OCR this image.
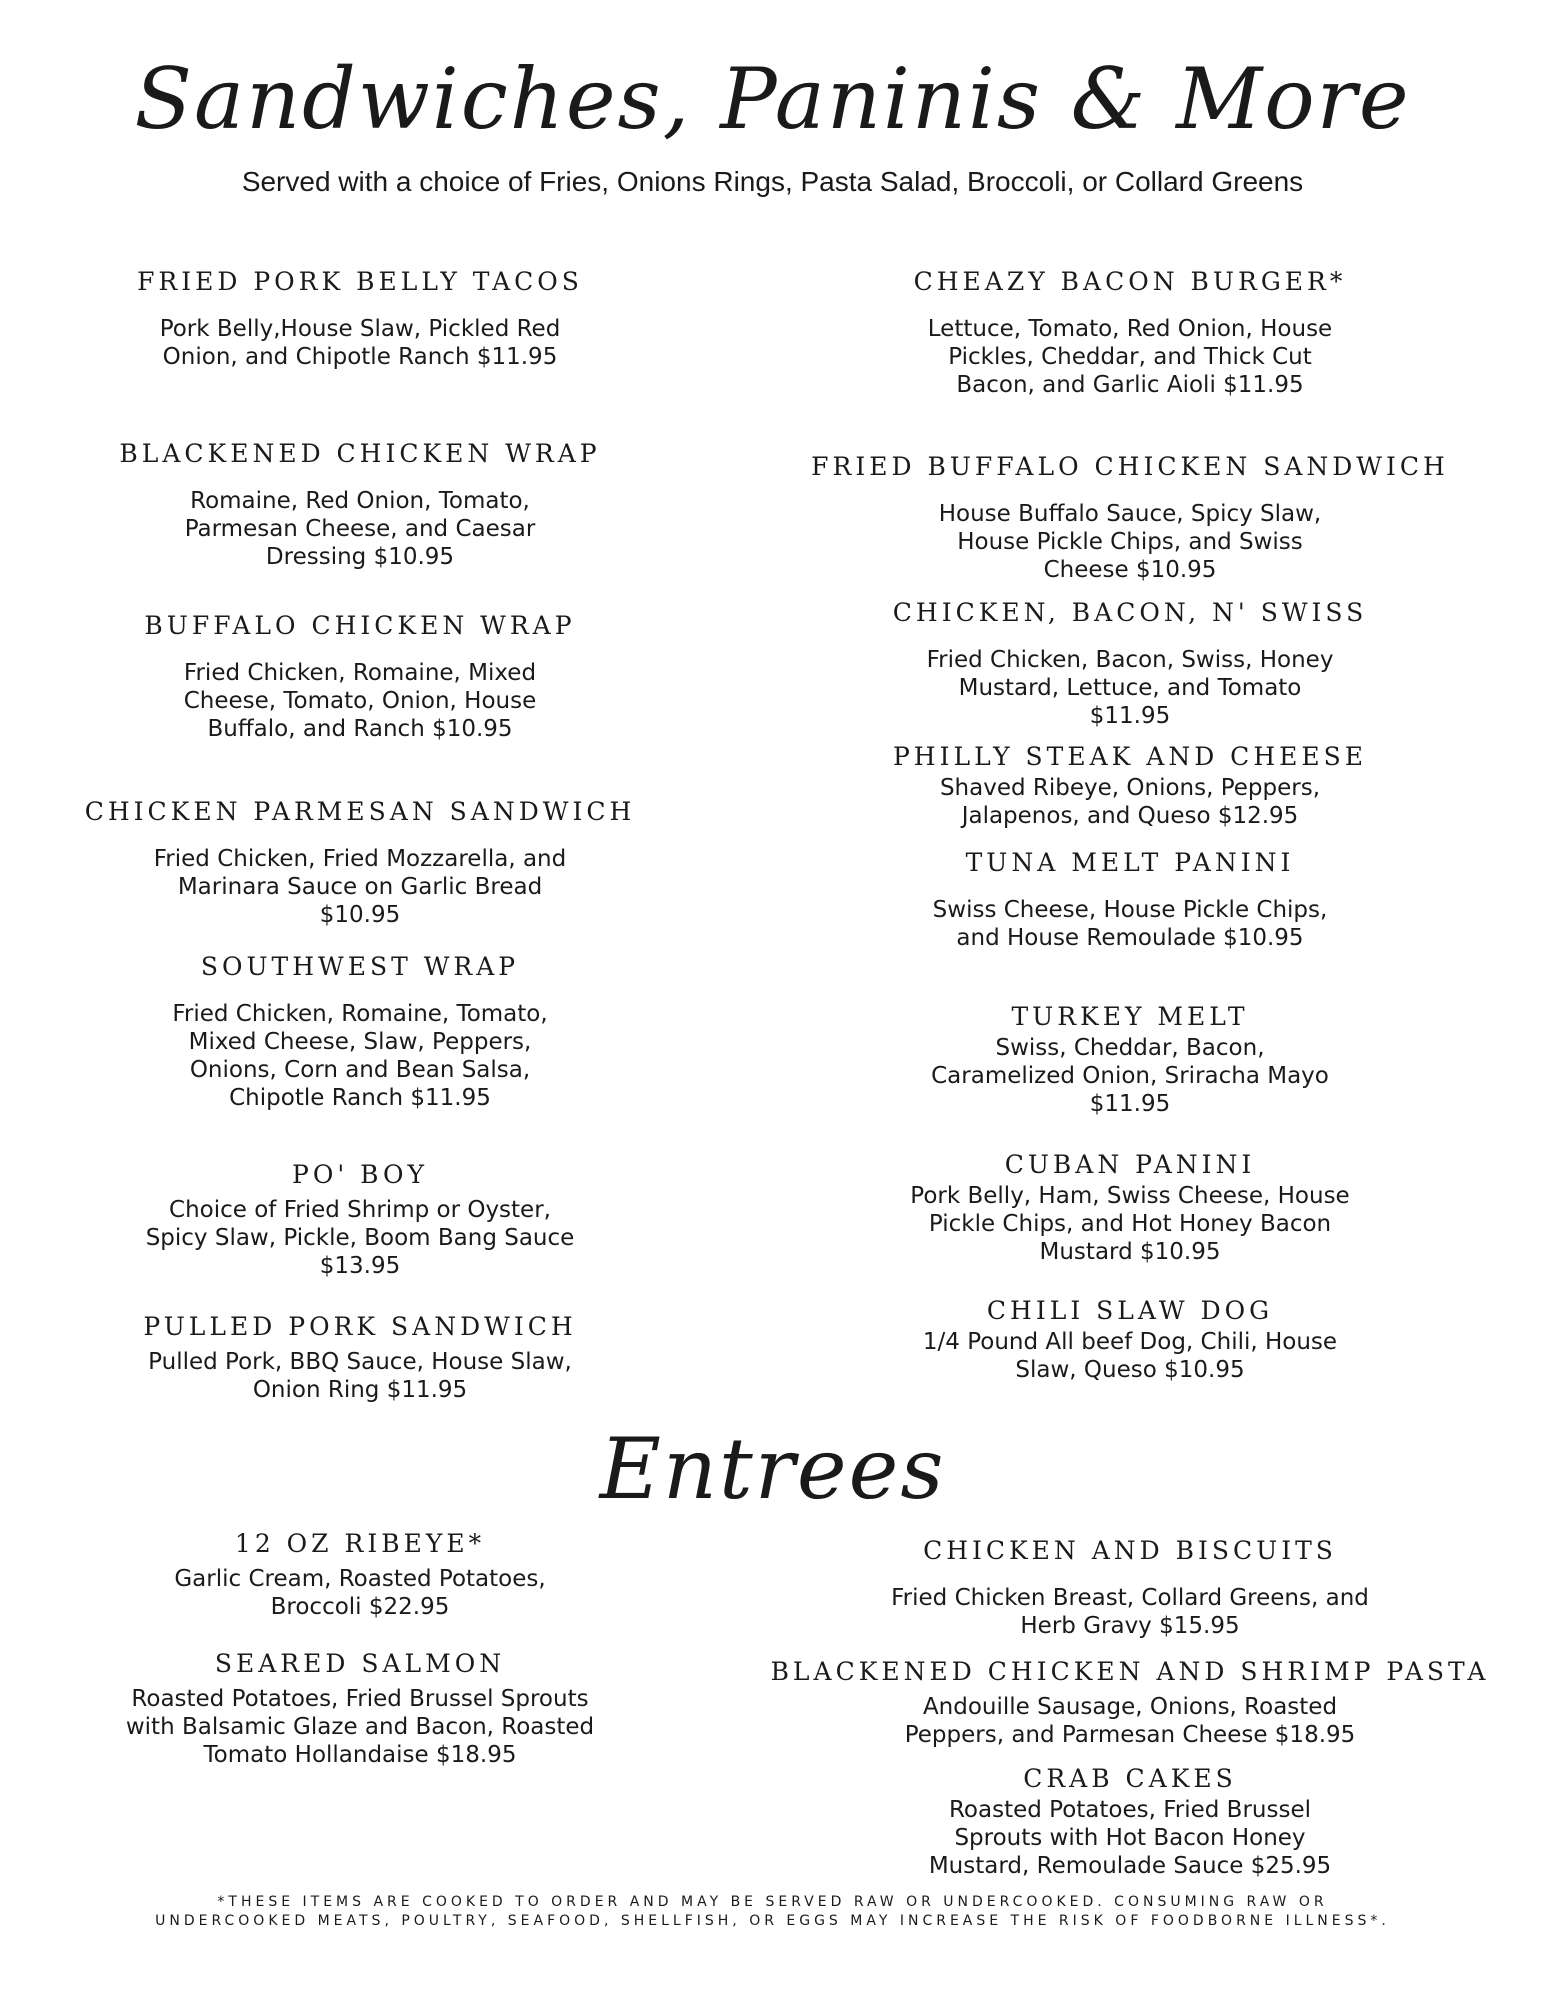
Sandwiches, Paninis & More

Served with a choice of Fries, Onions Rings, Pasta Salad, Broccoli, or Collard Greens

FRIED PORK BELLY TACOS

Pork Belly,House Slaw, Pickled Red Onion, and Chipotle Ranch $11.95

BLACKENED CHICKEN WRAP

Romaine, Red Onion, Tomato, Parmesan Cheese, and Caesar Dressing $10.95

BUFFALO CHICKEN WRAP

Fried Chicken, Romaine, Mixed Cheese, Tomato, Onion, House Buffalo, and Ranch $10.95

CHICKEN PARMESAN SANDWICH

Fried Chicken, Fried Mozzarella, and Marinara Sauce on Garlic Bread $10.95

SOUTHWEST WRAP

Fried Chicken, Romaine, Tomato, Mixed Cheese, Slaw, Peppers, Onions, Corn and Bean Salsa, Chipotle Ranch $11.95

PO' BOY

Choice of Fried Shrimp or Oyster, Spicy Slaw, Pickle, Boom Bang Sauce $13.95

PULLED PORK SANDWICH

Pulled Pork, BBQ Sauce, House Slaw, Onion Ring $11.95

CHEAZY BACON BURGER*

Lettuce, Tomato, Red Onion, House Pickles, Cheddar, and Thick Cut Bacon, and Garlic Aioli $11.95

FRIED BUFFALO CHICKEN SANDWICH

House Buffalo Sauce, Spicy Slaw, House Pickle Chips, and Swiss Cheese $10.95

CHICKEN, BACON, N' SWISS

Fried Chicken, Bacon, Swiss, Honey Mustard, Lettuce, and Tomato $11.95

PHILLY STEAK AND CHEESE

Shaved Ribeye, Onions, Peppers, Jalapenos, and Queso $12.95

TUNA MELT PANINI

Swiss Cheese, House Pickle Chips, and House Remoulade $10.95

TURKEY MELT

Swiss, Cheddar, Bacon, Caramelized Onion, Sriracha Mayo $11.95

CUBAN PANINI

Pork Belly, Ham, Swiss Cheese, House Pickle Chips, and Hot Honey Bacon Mustard $10.95

CHILI SLAW DOG

1/4 Pound All beef Dog, Chili, House Slaw, Queso $10.95

Entrees
12 OZ RIBEYE*

Garlic Cream, Roasted Potatoes, Broccoli $22.95

SEARED SALMON

Roasted Potatoes, Fried Brussel Sprouts with Balsamic Glaze and Bacon, Roasted Tomato Hollandaise $18.95

CHICKEN AND BISCUITS

Fried Chicken Breast, Collard Greens, and Herb Gravy $15.95

BLACKENED CHICKEN AND SHRIMP PASTA

Andouille Sausage, Onions, Roasted Peppers, and Parmesan Cheese $18.95

CRAB CAKES

Roasted Potatoes, Fried Brussel Sprouts with Hot Bacon Honey Mustard, Remoulade Sauce $25.95

*THESE ITEMS ARE COOKED TO ORDER AND MAY BE SERVED RAW OR UNDERCOOKED. CONSUMING RAW OR UNDERCOOKED MEATS, POULTRY, SEAFOOD, SHELLFISH, OR EGGS MAY INCREASE THE RISK OF FOODBORNE ILLNESS*.
